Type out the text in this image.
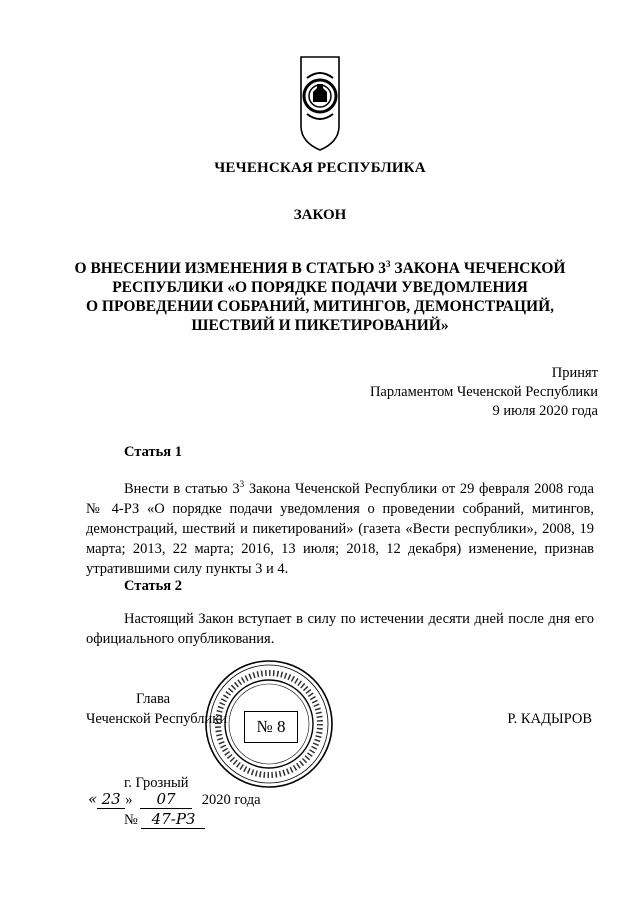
ЧЕЧЕНСКАЯ РЕСПУБЛИКА
ЗАКОН
О ВНЕСЕНИИ ИЗМЕНЕНИЯ В СТАТЬЮ $3^3$ ЗАКОНА ЧЕЧЕНСКОЙ
РЕСПУБЛИКИ «О ПОРЯДКЕ ПОДАЧИ УВЕДОМЛЕНИЯ
О ПРОВЕДЕНИИ СОБРАНИЙ, МИТИНГОВ, ДЕМОНСТРАЦИЙ,
ШЕСТВИЙ И ПИКЕТИРОВАНИЙ»
Принят
Парламентом Чеченской Республики
9 июля 2020 года
Статья 1

Внести в статью $3^3$ Закона Чеченской Республики от 29 февраля 2008 года № 4-РЗ «О порядке подачи уведомления о проведении собраний, митингов, демонстраций, шествий и пикетирований» (газета «Вести республики», 2008, 19 марта; 2013, 22 марта; 2016, 13 июля; 2018, 12 декабря) изменение, признав утратившими силу пункты 3 и 4.

Статья 2

Настоящий Закон вступает в силу по истечении десяти дней после дня его официального опубликования.

№ 8
Глава
Чеченской Республики	Р. КАДЫРОВ
г. Грозный
« 23 » 07 2020 года
№ 47-РЗ
